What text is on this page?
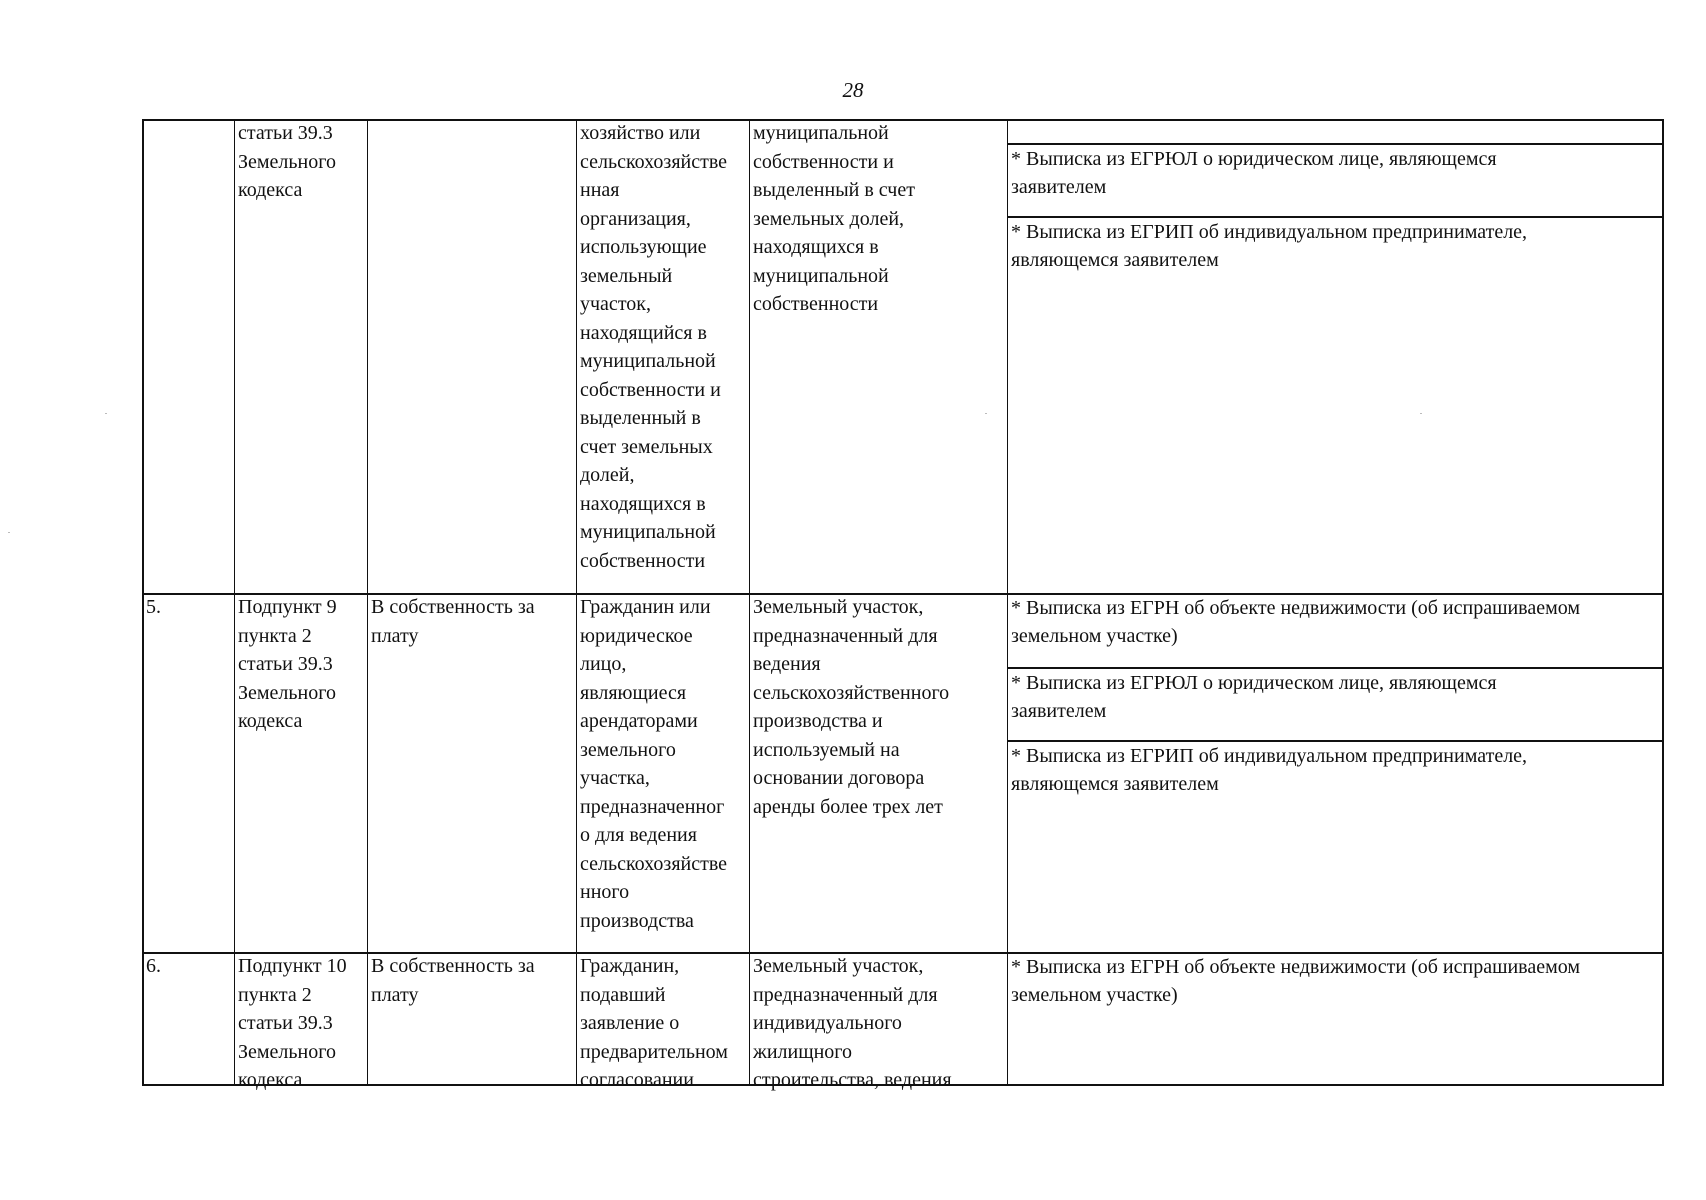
28
статьи 39.3
Земельного
кодекса
хозяйство или
сельскохозяйстве
нная
организация,
использующие
земельный
участок,
находящийся в
муниципальной
собственности и
выделенный в
счет земельных
долей,
находящихся в
муниципальной
собственности
муниципальной
собственности и
выделенный в счет
земельных долей,
находящихся в
муниципальной
собственности
* Выписка из ЕГРЮЛ о юридическом лице, являющемся
заявителем
* Выписка из ЕГРИП об индивидуальном предпринимателе,
являющемся заявителем
5.	Подпункт 9
пункта 2
статьи 39.3
Земельного
кодекса
В собственность за
плату
Гражданин или
юридическое
лицо,
являющиеся
арендаторами
земельного
участка,
предназначенног
о для ведения
сельскохозяйстве
нного
производства
Земельный участок,
предназначенный для
ведения
сельскохозяйственного
производства и
используемый на
основании договора
аренды более трех лет
* Выписка из ЕГРН об объекте недвижимости (об испрашиваемом
земельном участке)
* Выписка из ЕГРЮЛ о юридическом лице, являющемся
заявителем
* Выписка из ЕГРИП об индивидуальном предпринимателе,
являющемся заявителем
6.	Подпункт 10
пункта 2
статьи 39.3
Земельного
кодекса
В собственность за
плату
Гражданин,
подавший
заявление о
предварительном
согласовании
Земельный участок,
предназначенный для
индивидуального
жилищного
строительства, ведения
* Выписка из ЕГРН об объекте недвижимости (об испрашиваемом
земельном участке)
